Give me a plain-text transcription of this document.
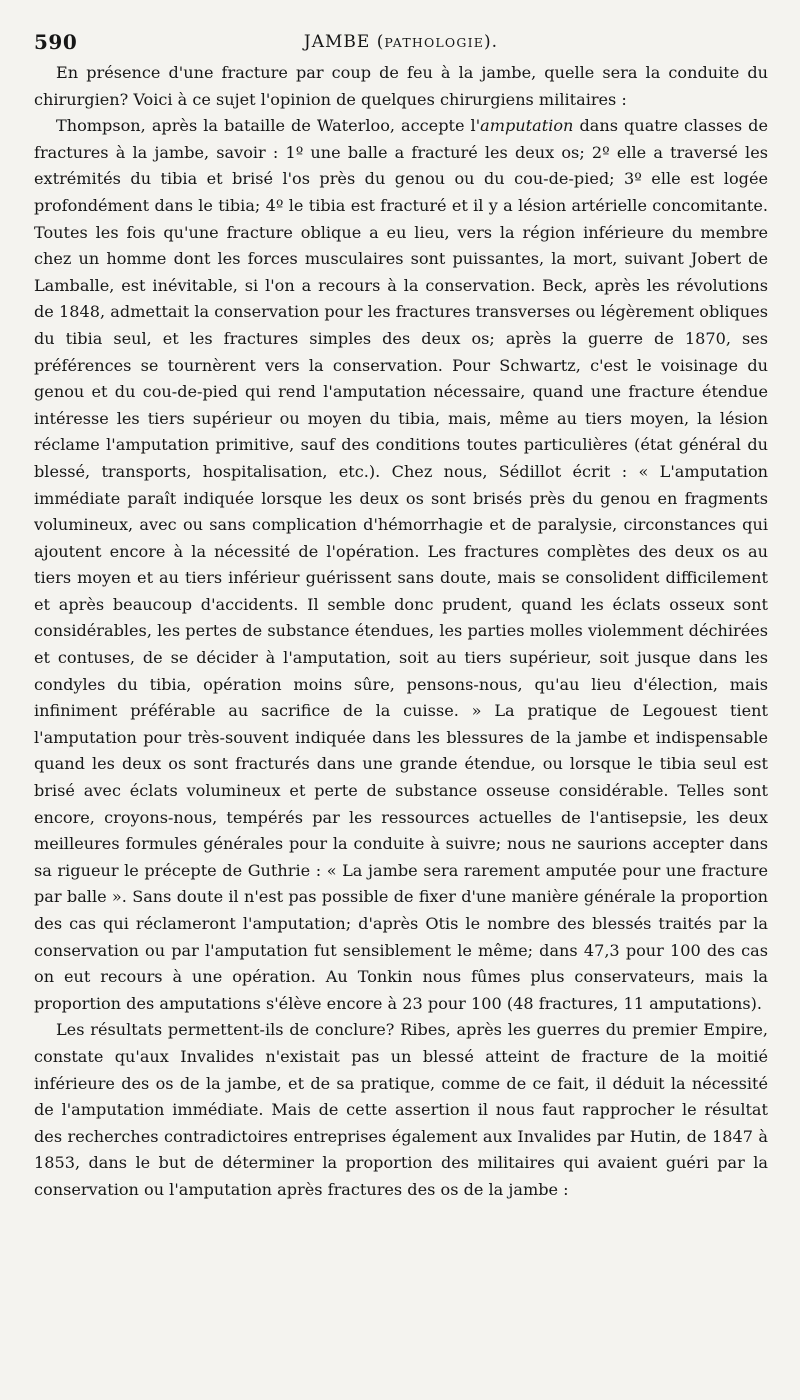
590	JAMBE (PATHOLOGIE).

En présence d'une fracture par coup de feu à la jambe, quelle sera la conduite du chirurgien? Voici à ce sujet l'opinion de quelques chirurgiens militaires :

Thompson, après la bataille de Waterloo, accepte l'amputation dans quatre classes de fractures à la jambe, savoir : 1º une balle a fracturé les deux os; 2º elle a traversé les extrémités du tibia et brisé l'os près du genou ou du cou-de-pied; 3º elle est logée profondément dans le tibia; 4º le tibia est fracturé et il y a lésion artérielle concomitante. Toutes les fois qu'une fracture oblique a eu lieu, vers la région inférieure du membre chez un homme dont les forces musculaires sont puissantes, la mort, suivant Jobert de Lamballe, est inévitable, si l'on a recours à la conservation. Beck, après les révolutions de 1848, admettait la conservation pour les fractures transverses ou légèrement obliques du tibia seul, et les fractures simples des deux os; après la guerre de 1870, ses préférences se tournèrent vers la conservation. Pour Schwartz, c'est le voisinage du genou et du cou-de-pied qui rend l'amputation nécessaire, quand une fracture étendue intéresse les tiers supérieur ou moyen du tibia, mais, même au tiers moyen, la lésion réclame l'amputation primitive, sauf des conditions toutes particulières (état général du blessé, transports, hospitalisation, etc.). Chez nous, Sédillot écrit : « L'amputation immédiate paraît indiquée lorsque les deux os sont brisés près du genou en fragments volumineux, avec ou sans complication d'hémorrhagie et de paralysie, circonstances qui ajoutent encore à la nécessité de l'opération. Les fractures complètes des deux os au tiers moyen et au tiers inférieur guérissent sans doute, mais se consolident difficilement et après beaucoup d'accidents. Il semble donc prudent, quand les éclats osseux sont considérables, les pertes de substance étendues, les parties molles violemment déchirées et contuses, de se décider à l'amputation, soit au tiers supérieur, soit jusque dans les condyles du tibia, opération moins sûre, pensons-nous, qu'au lieu d'élection, mais infiniment préférable au sacrifice de la cuisse. » La pratique de Legouest tient l'amputation pour très-souvent indiquée dans les blessures de la jambe et indispensable quand les deux os sont fracturés dans une grande étendue, ou lorsque le tibia seul est brisé avec éclats volumineux et perte de substance osseuse considérable. Telles sont encore, croyons-nous, tempérés par les ressources actuelles de l'antisepsie, les deux meilleures formules générales pour la conduite à suivre; nous ne saurions accepter dans sa rigueur le précepte de Guthrie : « La jambe sera rarement amputée pour une fracture par balle ». Sans doute il n'est pas possible de fixer d'une manière générale la proportion des cas qui réclameront l'amputation; d'après Otis le nombre des blessés traités par la conservation ou par l'amputation fut sensiblement le même; dans 47,3 pour 100 des cas on eut recours à une opération. Au Tonkin nous fûmes plus conservateurs, mais la proportion des amputations s'élève encore à 23 pour 100 (48 fractures, 11 amputations).

Les résultats permettent-ils de conclure? Ribes, après les guerres du premier Empire, constate qu'aux Invalides n'existait pas un blessé atteint de fracture de la moitié inférieure des os de la jambe, et de sa pratique, comme de ce fait, il déduit la nécessité de l'amputation immédiate. Mais de cette assertion il nous faut rapprocher le résultat des recherches contradictoires entreprises également aux Invalides par Hutin, de 1847 à 1853, dans le but de déterminer la proportion des militaires qui avaient guéri par la conservation ou l'amputation après fractures des os de la jambe :
